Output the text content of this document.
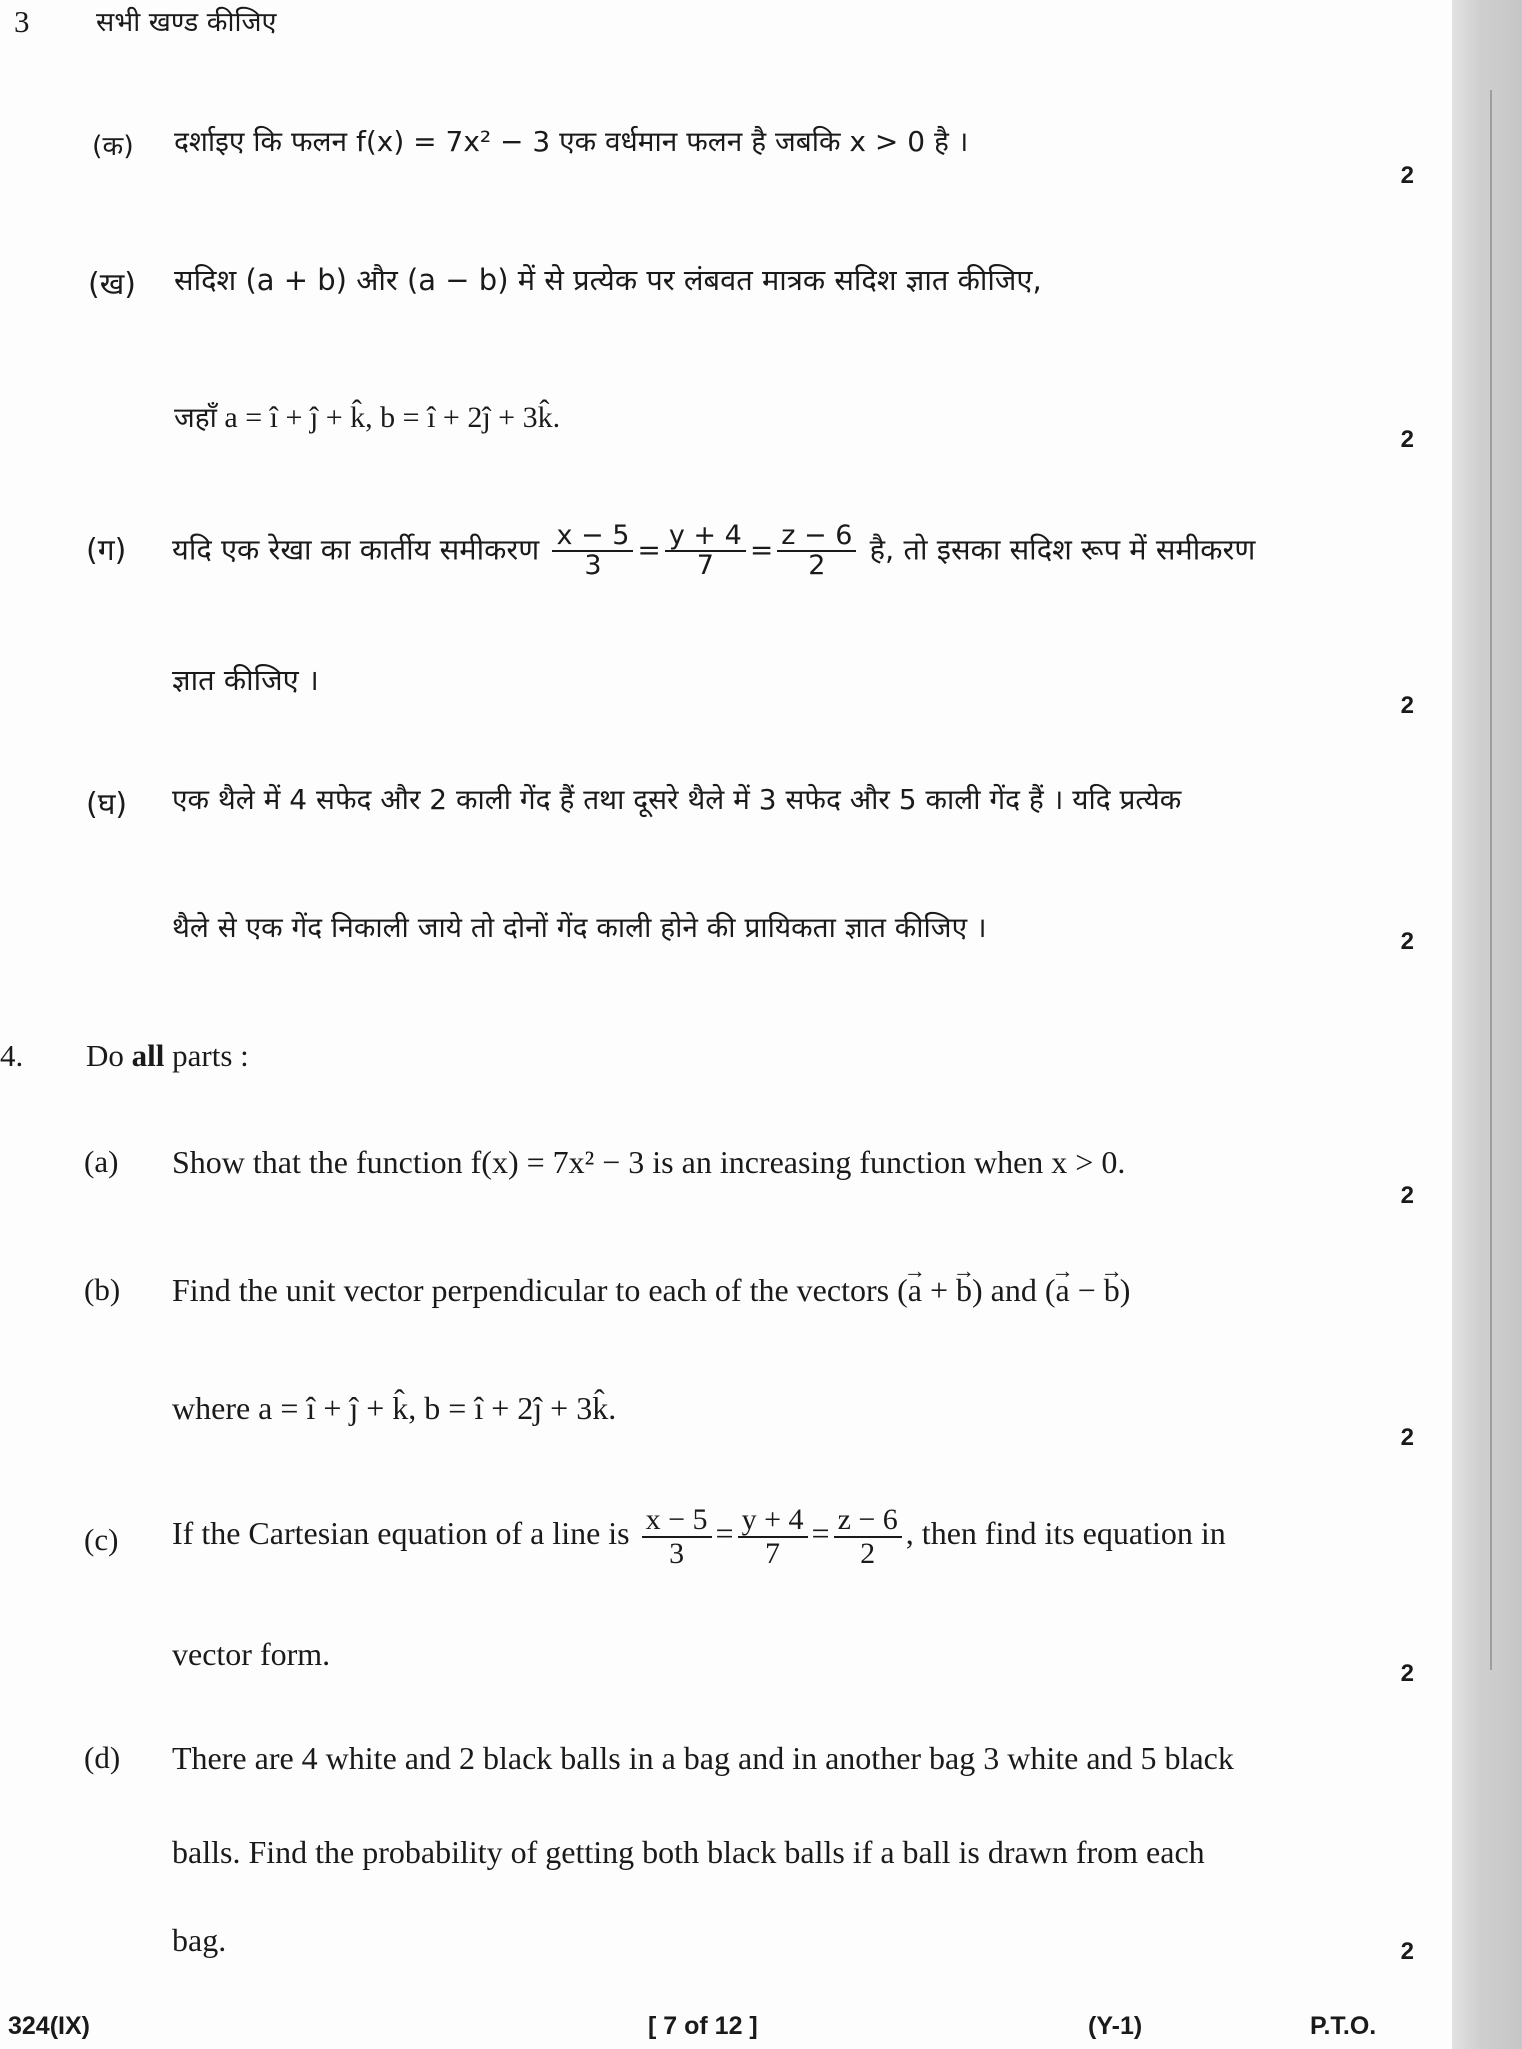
3 सभी खण्ड कीजिए
(क) दर्शाइए कि फलन f(x) = 7x² − 3 एक वर्धमान फलन है जबकि x > 0 है ।
2
(ख) सदिश (a + b) और (a − b) में से प्रत्येक पर लंबवत मात्रक सदिश ज्ञात कीजिए,
जहाँ a = î + ĵ + k̂, b = î + 2ĵ + 3k̂.
2
(ग) यदि एक रेखा का कार्तीय समीकरण $\frac{x - 5}{3} = \frac{y + 4}{7} = \frac{z - 6}{2}$ है, तो इसका सदिश रूप में समीकरण
ज्ञात कीजिए ।
2
(घ) एक थैले में 4 सफेद और 2 काली गेंद हैं तथा दूसरे थैले में 3 सफेद और 5 काली गेंद हैं । यदि प्रत्येक
थैले से एक गेंद निकाली जाये तो दोनों गेंद काली होने की प्रायिकता ज्ञात कीजिए ।	2
4. Do all parts :
(a) Show that the function f(x) = 7x² − 3 is an increasing function when x > 0.
2
(b) Find the unit vector perpendicular to each of the vectors (→ a + → b) and (→ a − → b)
where a = î + ĵ + k̂, b = î + 2ĵ + 3k̂.
2
(c) If the Cartesian equation of a line is $\frac{x - 5}{3} = \frac{y + 4}{7} = \frac{z - 6}{2}$ , then find its equation in
vector form.
2
(d) There are 4 white and 2 black balls in a bag and in another bag 3 white and 5 black
balls. Find the probability of getting both black balls if a ball is drawn from each
bag.	2
324(IX)	[ 7 of 12 ]	(Y-1)	P.T.O.
